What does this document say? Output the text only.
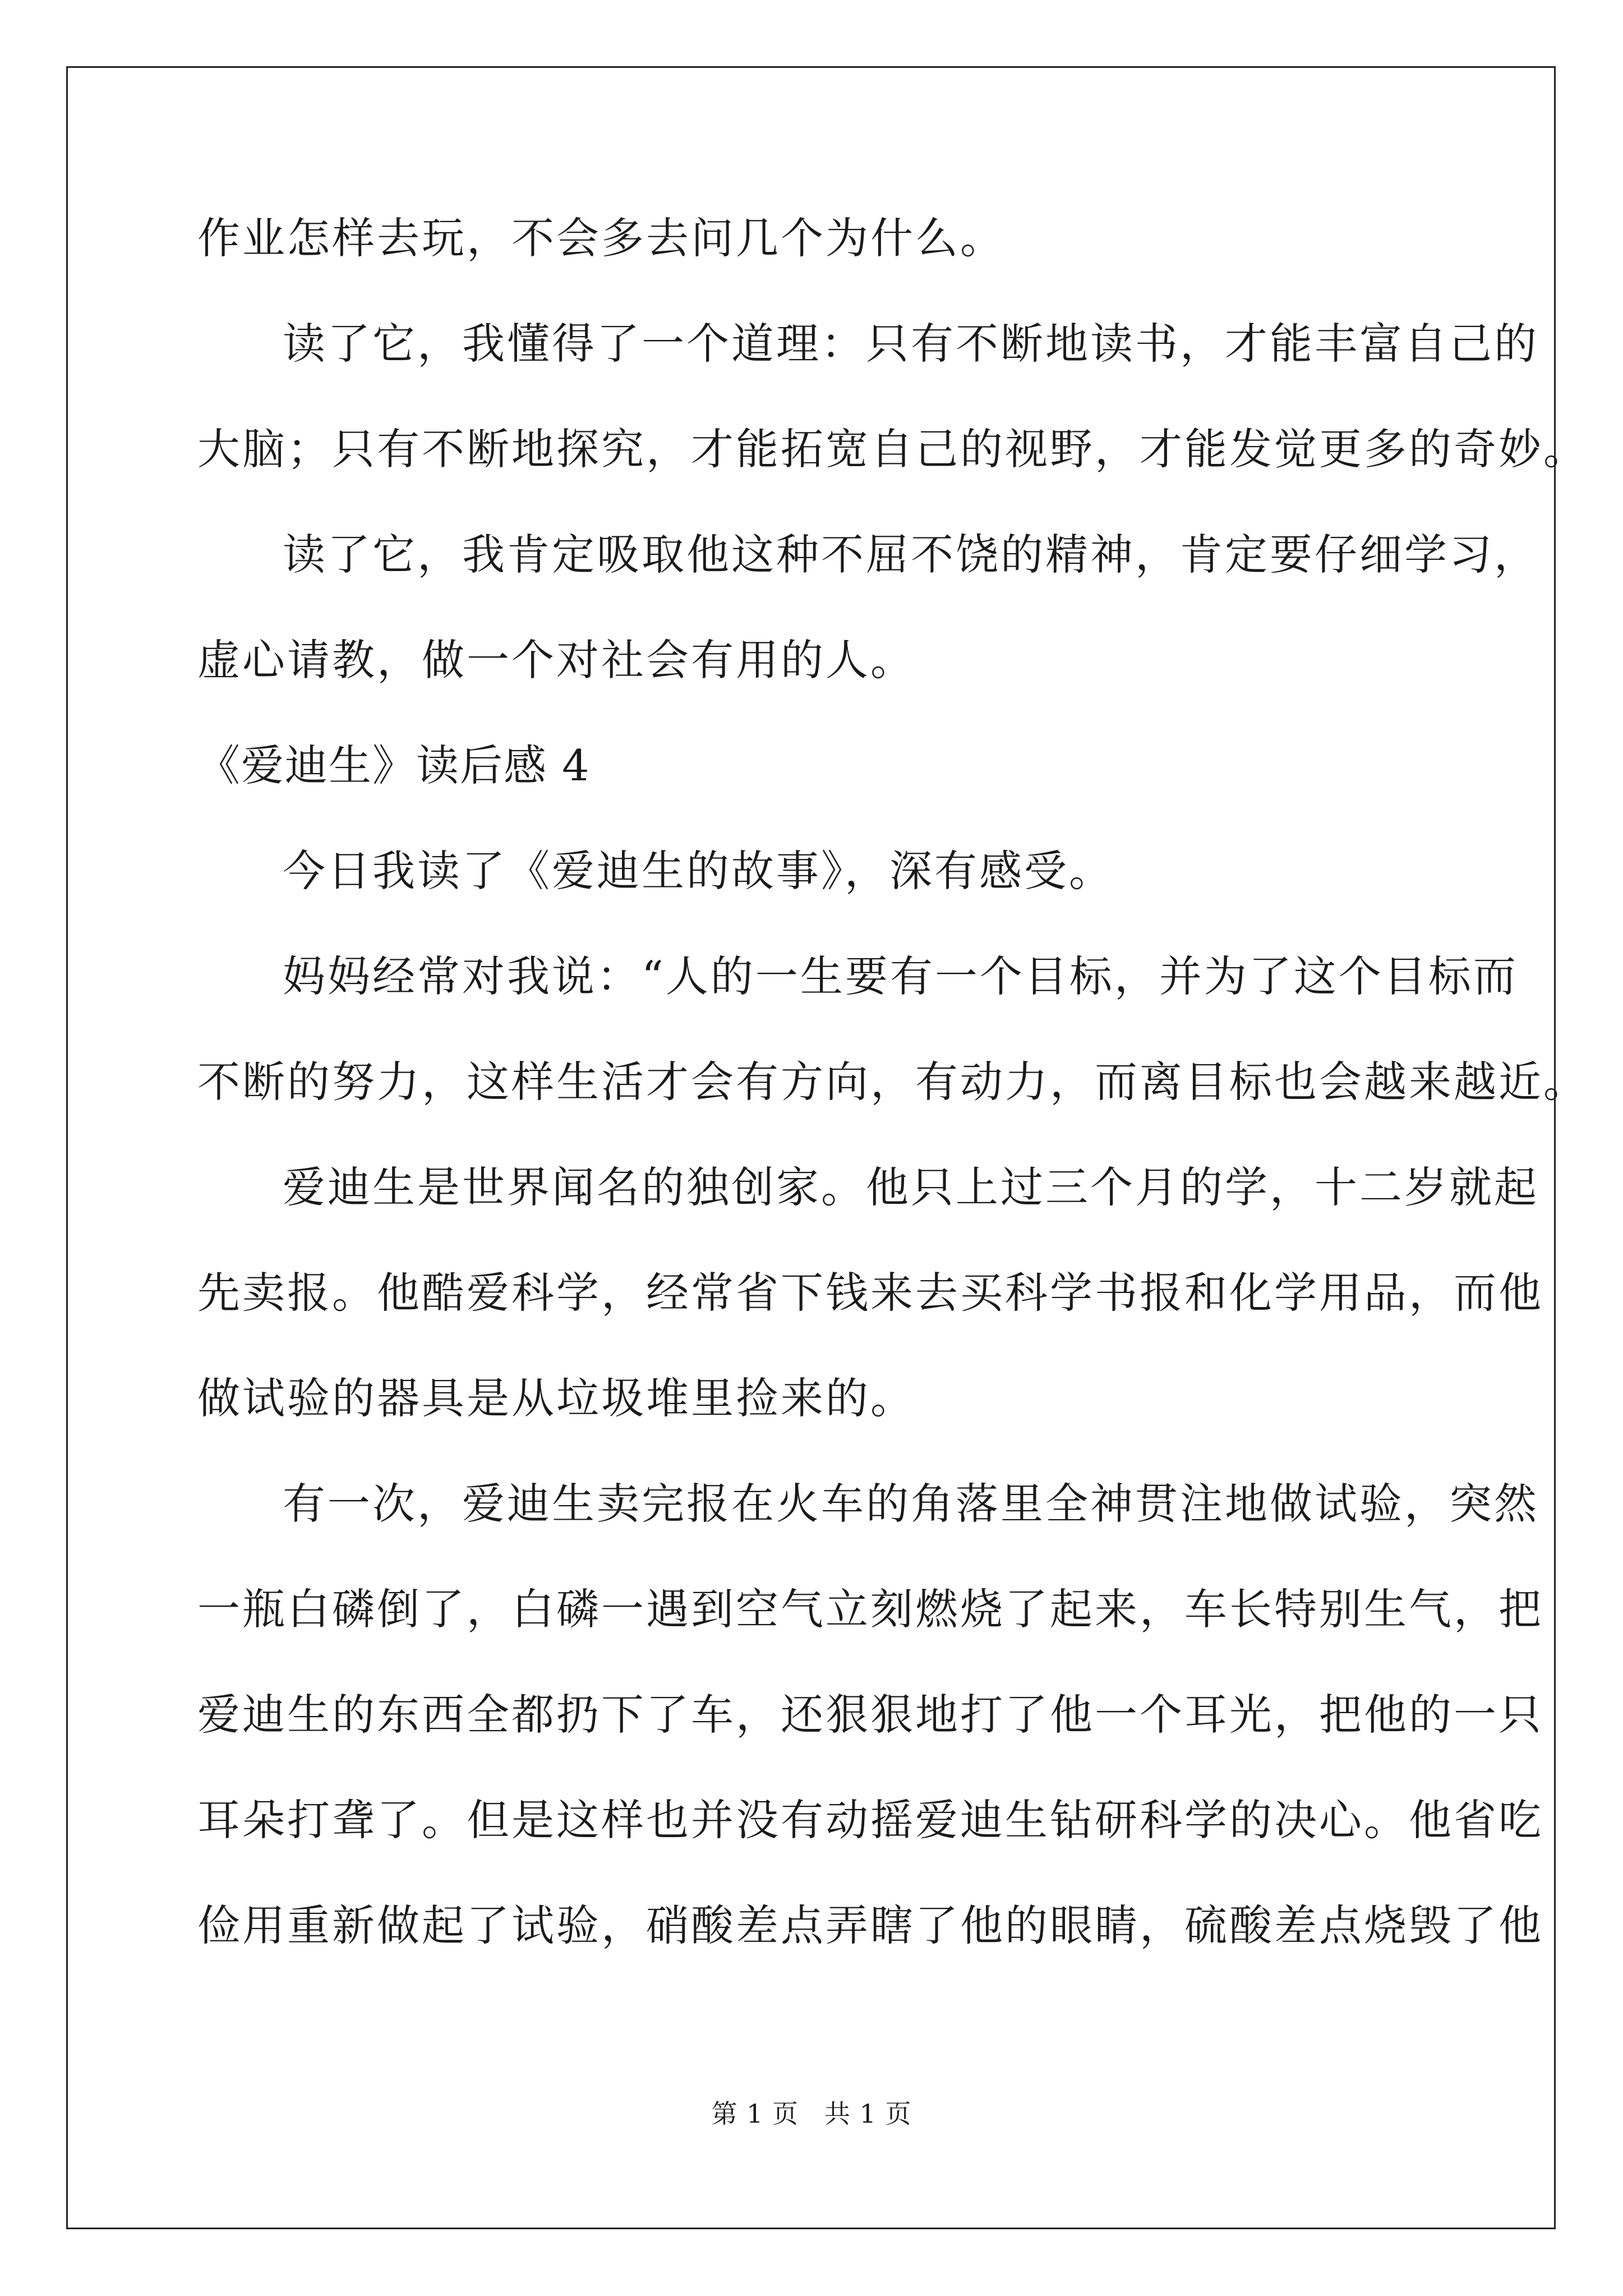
作业怎样去玩，不会多去问几个为什么。
读了它，我懂得了一个道理：只有不断地读书，才能丰富自己的
大脑；只有不断地探究，才能拓宽自己的视野，才能发觉更多的奇妙。
读了它，我肯定吸取他这种不屈不饶的精神，肯定要仔细学习，
虚心请教，做一个对社会有用的人。
《爱迪生》读后感 4
今日我读了《爱迪生的故事》，深有感受。
妈妈经常对我说：“人的一生要有一个目标，并为了这个目标而
不断的努力，这样生活才会有方向，有动力，而离目标也会越来越近。
爱迪生是世界闻名的独创家。他只上过三个月的学，十二岁就起
先卖报。他酷爱科学，经常省下钱来去买科学书报和化学用品，而他
做试验的器具是从垃圾堆里捡来的。
有一次，爱迪生卖完报在火车的角落里全神贯注地做试验，突然
一瓶白磷倒了，白磷一遇到空气立刻燃烧了起来，车长特别生气，把
爱迪生的东西全都扔下了车，还狠狠地打了他一个耳光，把他的一只
耳朵打聋了。但是这样也并没有动摇爱迪生钻研科学的决心。他省吃
俭用重新做起了试验，硝酸差点弄瞎了他的眼睛，硫酸差点烧毁了他
第 1 页 共 1 页
